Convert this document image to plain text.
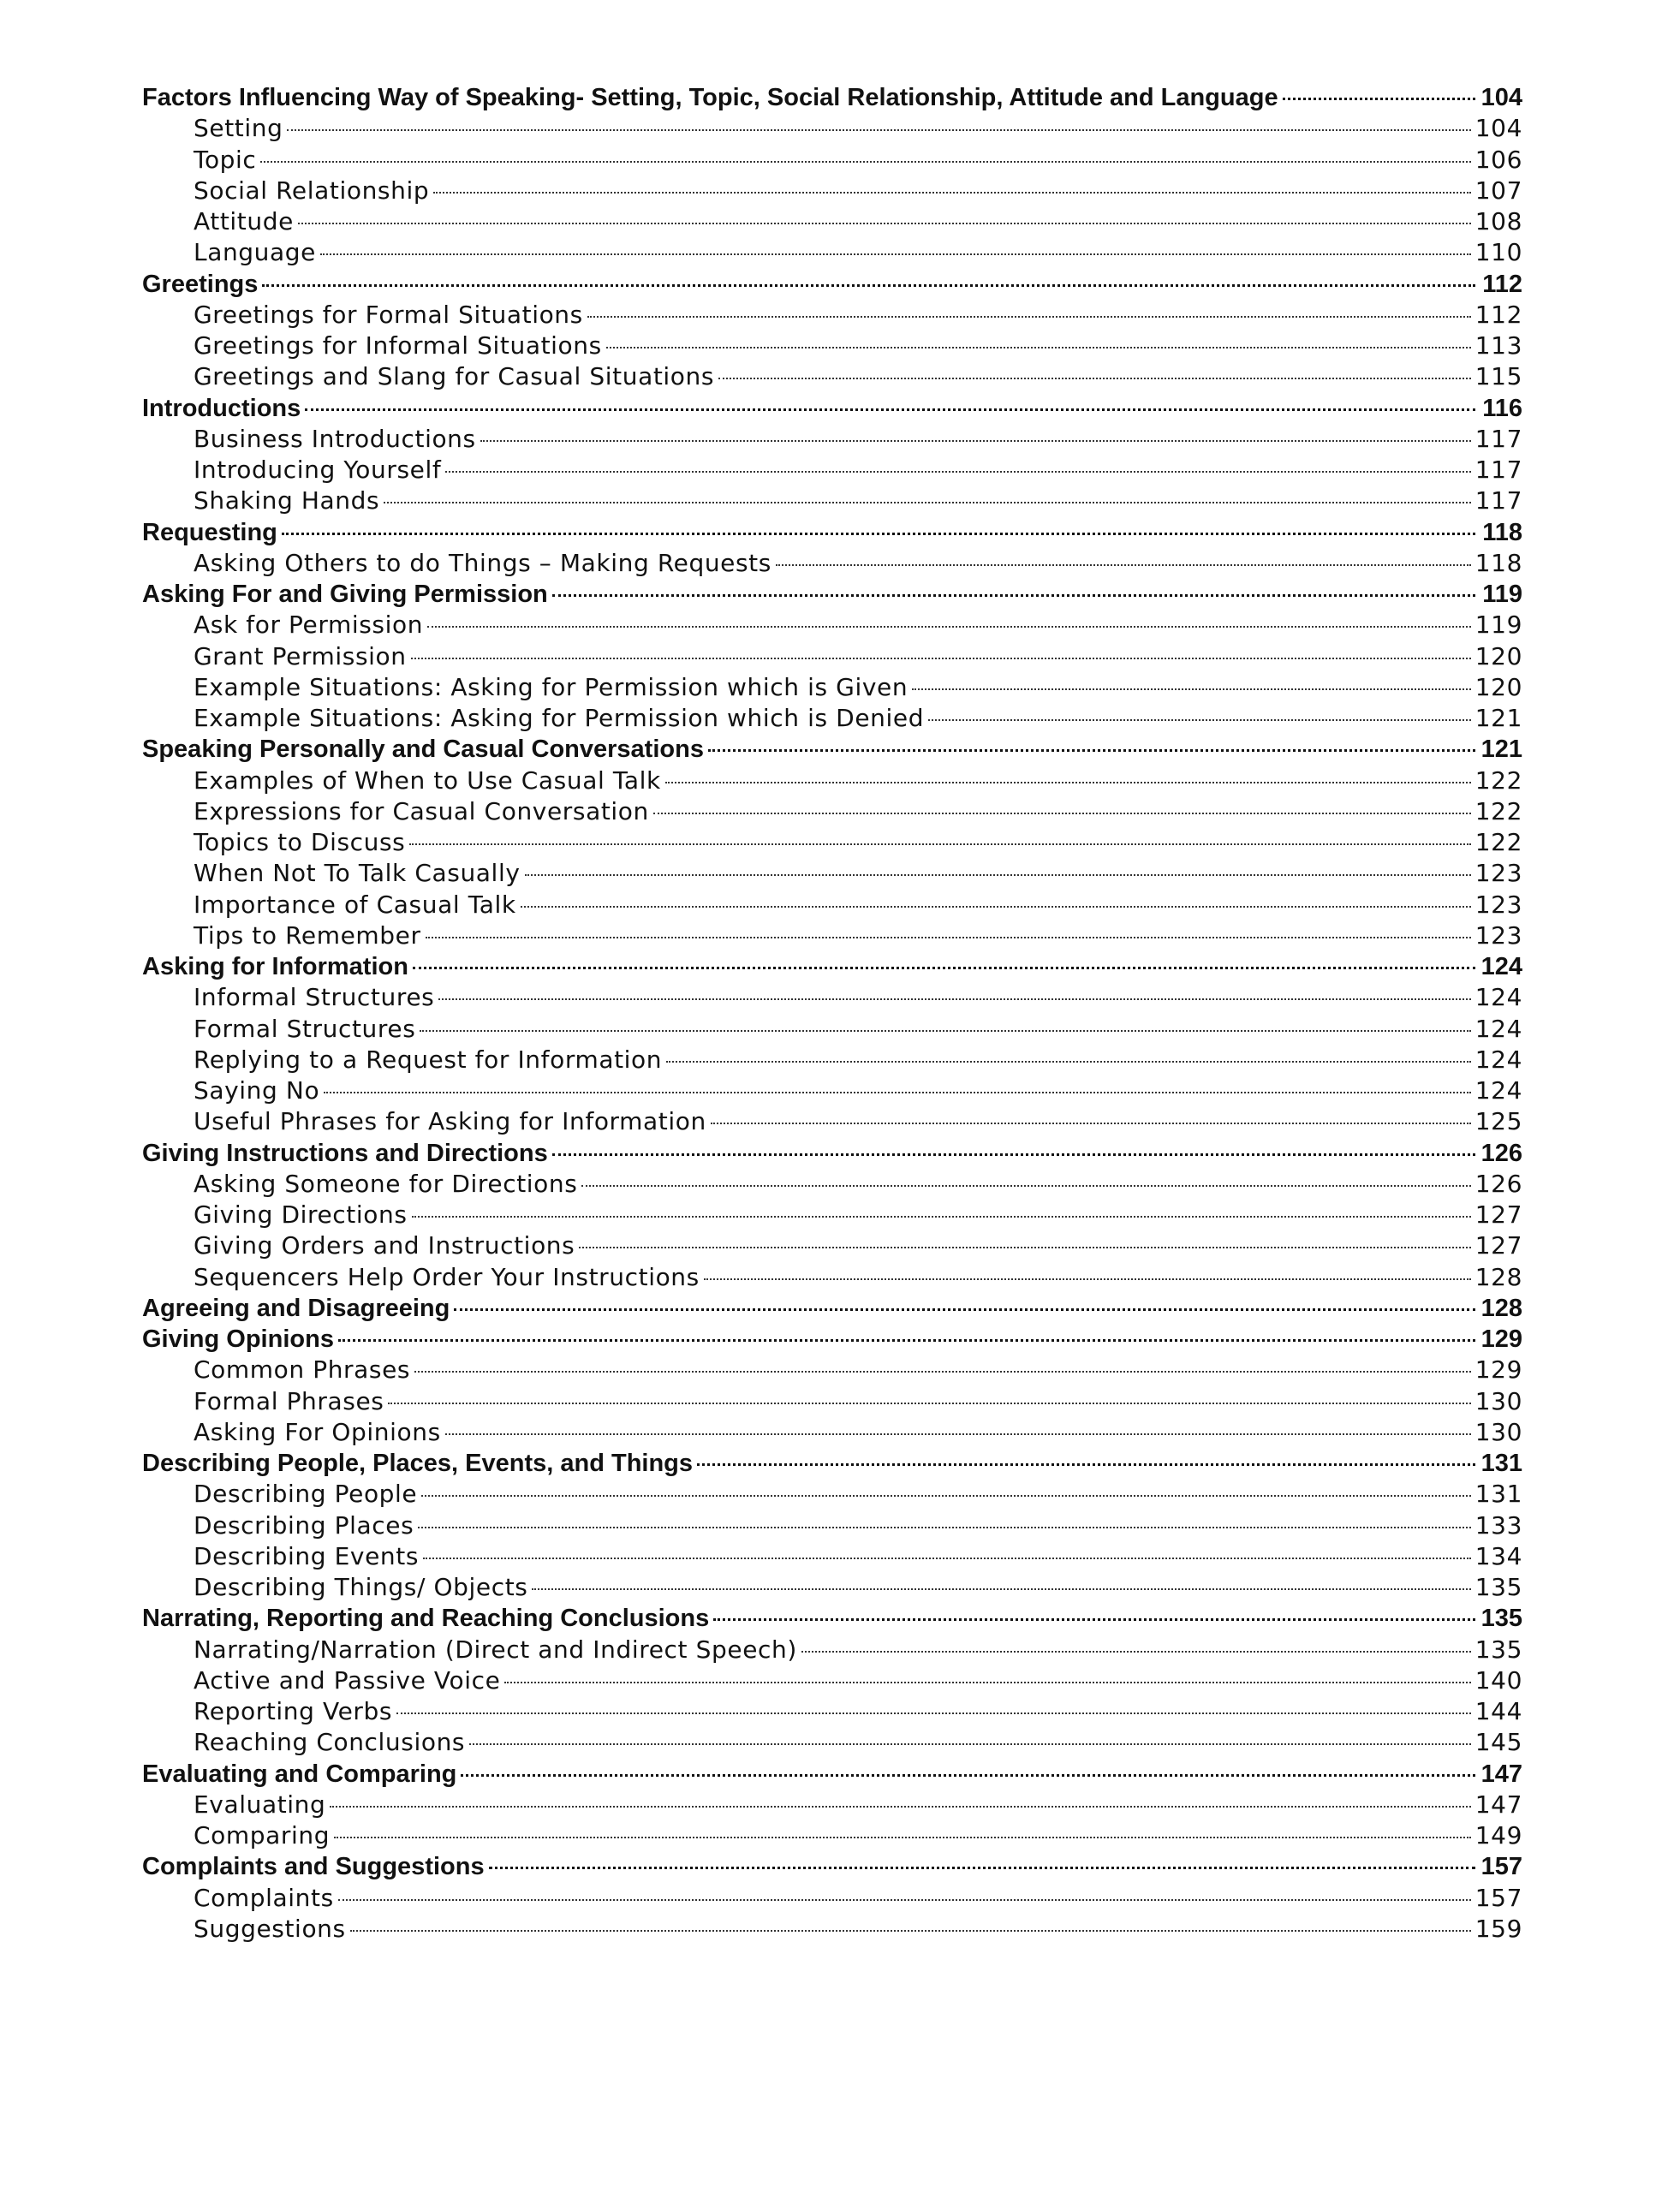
Factors Influencing Way of Speaking- Setting, Topic, Social Relationship, Attitude and Language	104
Setting	104
Topic	106
Social Relationship	107
Attitude	108
Language	110
Greetings	112
Greetings for Formal Situations	112
Greetings for Informal Situations	113
Greetings and Slang for Casual Situations	115
Introductions	116
Business Introductions	117
Introducing Yourself	117
Shaking Hands	117
Requesting	118
Asking Others to do Things – Making Requests	118
Asking For and Giving Permission	119
Ask for Permission	119
Grant Permission	120
Example Situations: Asking for Permission which is Given	120
Example Situations: Asking for Permission which is Denied	121
Speaking Personally and Casual Conversations	121
Examples of When to Use Casual Talk	122
Expressions for Casual Conversation	122
Topics to Discuss	122
When Not To Talk Casually	123
Importance of Casual Talk	123
Tips to Remember	123
Asking for Information	124
Informal Structures	124
Formal Structures	124
Replying to a Request for Information	124
Saying No	124
Useful Phrases for Asking for Information	125
Giving Instructions and Directions	126
Asking Someone for Directions	126
Giving Directions	127
Giving Orders and Instructions	127
Sequencers Help Order Your Instructions	128
Agreeing and Disagreeing	128
Giving Opinions	129
Common Phrases	129
Formal Phrases	130
Asking For Opinions	130
Describing People, Places, Events, and Things	131
Describing People	131
Describing Places	133
Describing Events	134
Describing Things/ Objects	135
Narrating, Reporting and Reaching Conclusions	135
Narrating/Narration (Direct and Indirect Speech)	135
Active and Passive Voice	140
Reporting Verbs	144
Reaching Conclusions	145
Evaluating and Comparing	147
Evaluating	147
Comparing	149
Complaints and Suggestions	157
Complaints	157
Suggestions	159
